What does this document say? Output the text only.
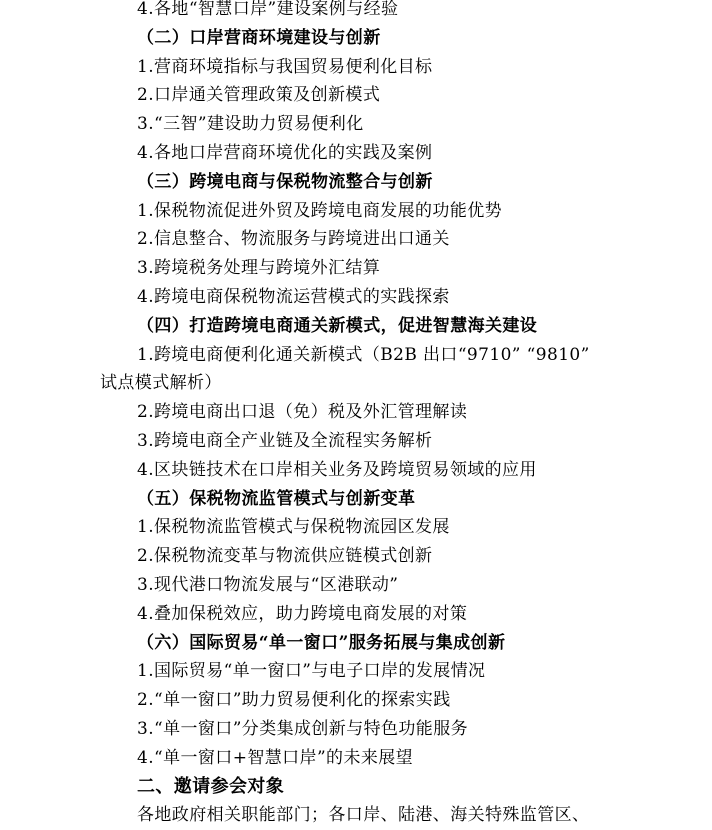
4.各地“智慧口岸”建设案例与经验
（二）口岸营商环境建设与创新
1.营商环境指标与我国贸易便利化目标
2.口岸通关管理政策及创新模式
3.“三智”建设助力贸易便利化
4.各地口岸营商环境优化的实践及案例
（三）跨境电商与保税物流整合与创新
1.保税物流促进外贸及跨境电商发展的功能优势
2.信息整合、物流服务与跨境进出口通关
3.跨境税务处理与跨境外汇结算
4.跨境电商保税物流运营模式的实践探索
（四）打造跨境电商通关新模式，促进智慧海关建设
1.跨境电商便利化通关新模式（B2B 出口“9710” “9810”
试点模式解析）
2.跨境电商出口退（免）税及外汇管理解读
3.跨境电商全产业链及全流程实务解析
4.区块链技术在口岸相关业务及跨境贸易领域的应用
（五）保税物流监管模式与创新变革
1.保税物流监管模式与保税物流园区发展
2.保税物流变革与物流供应链模式创新
3.现代港口物流发展与“区港联动”
4.叠加保税效应，助力跨境电商发展的对策
（六）国际贸易“单一窗口”服务拓展与集成创新
1.国际贸易“单一窗口”与电子口岸的发展情况
2.“单一窗口”助力贸易便利化的探索实践
3.“单一窗口”分类集成创新与特色功能服务
4.“单一窗口+智慧口岸”的未来展望
二、邀请参会对象
各地政府相关职能部门；各口岸、陆港、海关特殊监管区、
